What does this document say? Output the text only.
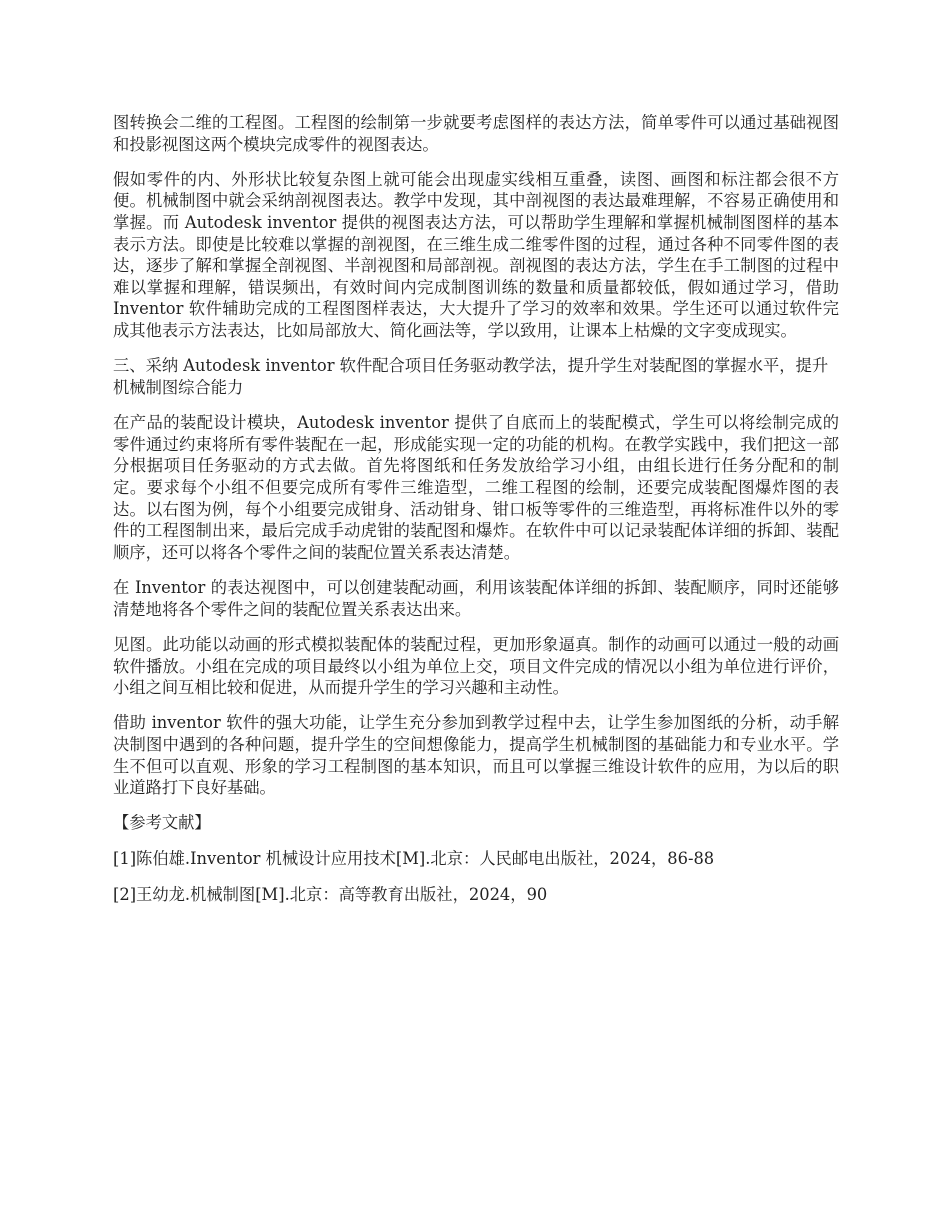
图转换会二维的工程图。工程图的绘制第一步就要考虑图样的表达方法，简单零件可以通过基础视图和投影视图这两个模块完成零件的视图表达。

假如零件的内、外形状比较复杂图上就可能会出现虚实线相互重叠，读图、画图和标注都会很不方便。机械制图中就会采纳剖视图表达。教学中发现，其中剖视图的表达最难理解，不容易正确使用和掌握。而 Autodesk inventor 提供的视图表达方法，可以帮助学生理解和掌握机械制图图样的基本表示方法。即使是比较难以掌握的剖视图，在三维生成二维零件图的过程，通过各种不同零件图的表达，逐步了解和掌握全剖视图、半剖视图和局部剖视。剖视图的表达方法，学生在手工制图的过程中难以掌握和理解，错误频出，有效时间内完成制图训练的数量和质量都较低，假如通过学习，借助 Inventor 软件辅助完成的工程图图样表达，大大提升了学习的效率和效果。学生还可以通过软件完成其他表示方法表达，比如局部放大、简化画法等，学以致用，让课本上枯燥的文字变成现实。

三、采纳 Autodesk inventor 软件配合项目任务驱动教学法，提升学生对装配图的掌握水平，提升机械制图综合能力

在产品的装配设计模块，Autodesk inventor 提供了自底而上的装配模式，学生可以将绘制完成的零件通过约束将所有零件装配在一起，形成能实现一定的功能的机构。在教学实践中，我们把这一部分根据项目任务驱动的方式去做。首先将图纸和任务发放给学习小组，由组长进行任务分配和的制定。要求每个小组不但要完成所有零件三维造型，二维工程图的绘制，还要完成装配图爆炸图的表达。以右图为例，每个小组要完成钳身、活动钳身、钳口板等零件的三维造型，再将标准件以外的零件的工程图制出来，最后完成手动虎钳的装配图和爆炸。在软件中可以记录装配体详细的拆卸、装配顺序，还可以将各个零件之间的装配位置关系表达清楚。

在 Inventor 的表达视图中，可以创建装配动画，利用该装配体详细的拆卸、装配顺序，同时还能够清楚地将各个零件之间的装配位置关系表达出来。

见图。此功能以动画的形式模拟装配体的装配过程，更加形象逼真。制作的动画可以通过一般的动画软件播放。小组在完成的项目最终以小组为单位上交，项目文件完成的情况以小组为单位进行评价，小组之间互相比较和促进，从而提升学生的学习兴趣和主动性。

借助 inventor 软件的强大功能，让学生充分参加到教学过程中去，让学生参加图纸的分析，动手解决制图中遇到的各种问题，提升学生的空间想像能力，提高学生机械制图的基础能力和专业水平。学生不但可以直观、形象的学习工程制图的基本知识，而且可以掌握三维设计软件的应用，为以后的职业道路打下良好基础。

【参考文献】

[1]陈伯雄.Inventor 机械设计应用技术[M].北京：人民邮电出版社，2024，86-88

[2]王幼龙.机械制图[M].北京：高等教育出版社，2024，90
